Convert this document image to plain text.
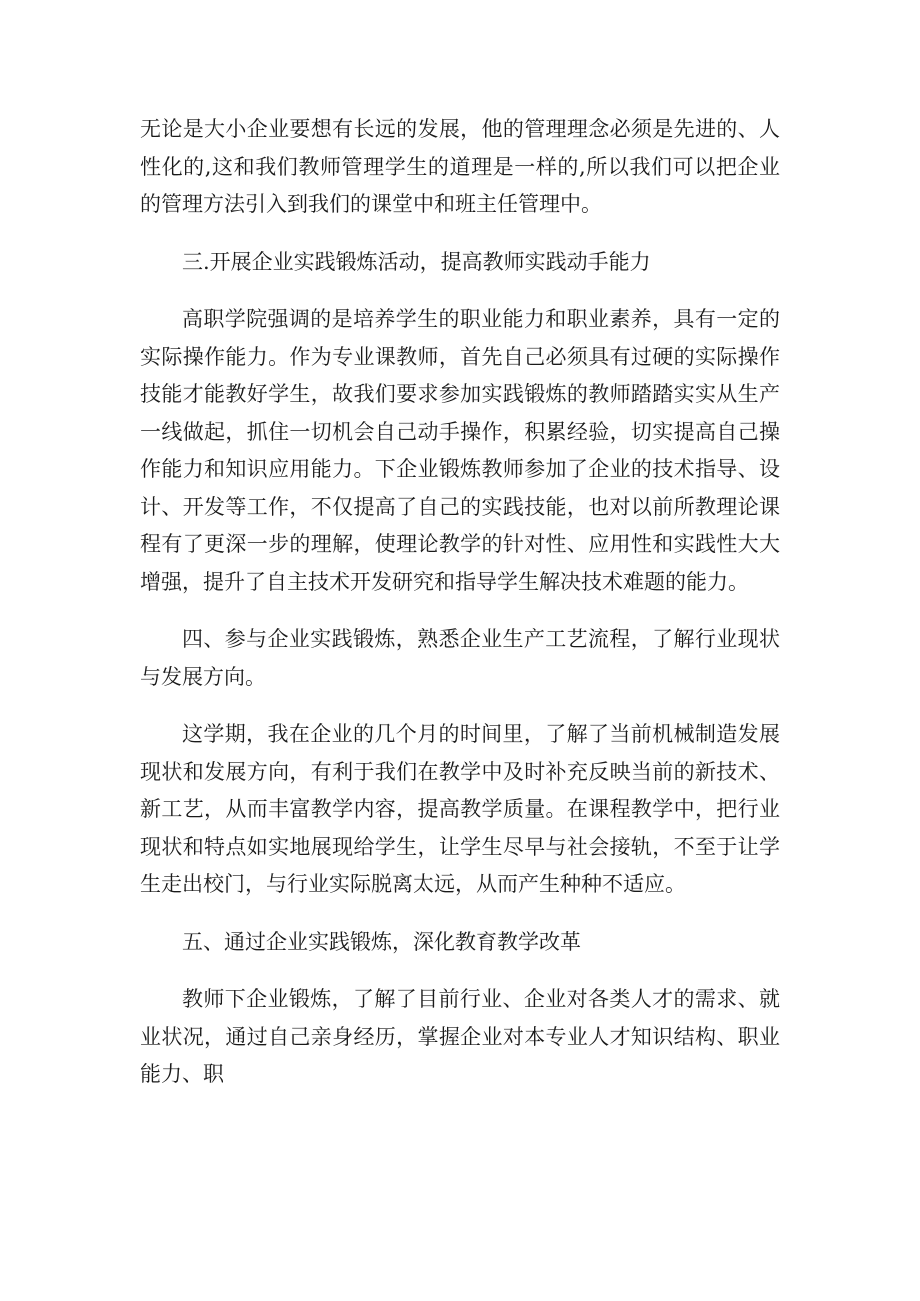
无论是大小企业要想有长远的发展，他的管理理念必须是先进的、人性化的,这和我们教师管理学生的道理是一样的,所以我们可以把企业的管理方法引入到我们的课堂中和班主任管理中。

三.开展企业实践锻炼活动，提高教师实践动手能力

高职学院强调的是培养学生的职业能力和职业素养，具有一定的实际操作能力。作为专业课教师，首先自己必须具有过硬的实际操作技能才能教好学生，故我们要求参加实践锻炼的教师踏踏实实从生产一线做起，抓住一切机会自己动手操作，积累经验，切实提高自己操作能力和知识应用能力。下企业锻炼教师参加了企业的技术指导、设计、开发等工作，不仅提高了自己的实践技能，也对以前所教理论课程有了更深一步的理解，使理论教学的针对性、应用性和实践性大大增强，提升了自主技术开发研究和指导学生解决技术难题的能力。

四、参与企业实践锻炼，熟悉企业生产工艺流程，了解行业现状与发展方向。

这学期，我在企业的几个月的时间里，了解了当前机械制造发展现状和发展方向，有利于我们在教学中及时补充反映当前的新技术、新工艺，从而丰富教学内容，提高教学质量。在课程教学中，把行业现状和特点如实地展现给学生，让学生尽早与社会接轨，不至于让学生走出校门，与行业实际脱离太远，从而产生种种不适应。

五、通过企业实践锻炼，深化教育教学改革

教师下企业锻炼，了解了目前行业、企业对各类人才的需求、就业状况，通过自己亲身经历，掌握企业对本专业人才知识结构、职业能力、职
